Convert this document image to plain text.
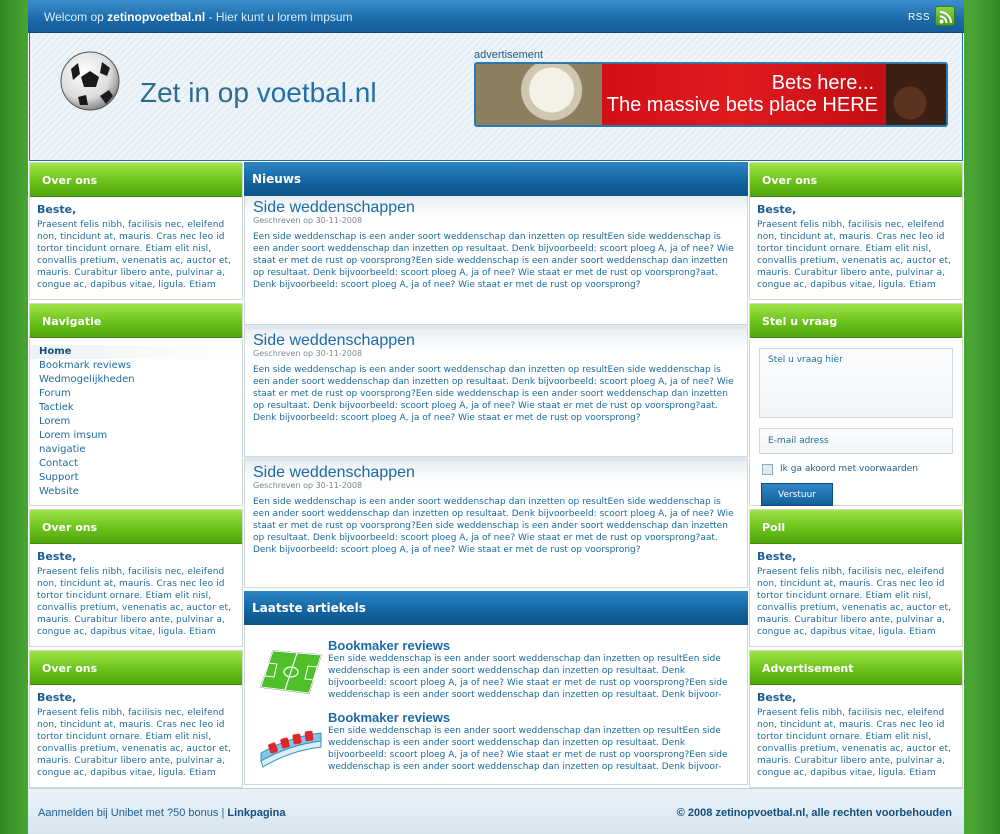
Welcom op zetinopvoetbal.nl - Hier kunt u lorem impsum	RSS
Zet in op voetbal.nl
advertisement
Bets here...
The massive bets place HERE
Over ons
Beste,

Praesent felis nibh, facilisis nec, eleifend non, tincidunt at, mauris. Cras nec leo id tortor tincidunt ornare. Etiam elit nisl, convallis pretium, venenatis ac, auctor et, mauris. Curabitur libero ante, pulvinar a, congue ac, dapibus vitae, ligula. Etiam

Navigatie
Home
Bookmark reviews
Wedmogelijkheden
Forum
Tactiek
Lorem
Lorem imsum
navigatie
Contact
Support
Website
Over ons
Beste,

Praesent felis nibh, facilisis nec, eleifend non, tincidunt at, mauris. Cras nec leo id tortor tincidunt ornare. Etiam elit nisl, convallis pretium, venenatis ac, auctor et, mauris. Curabitur libero ante, pulvinar a, congue ac, dapibus vitae, ligula. Etiam

Over ons
Beste,

Praesent felis nibh, facilisis nec, eleifend non, tincidunt at, mauris. Cras nec leo id tortor tincidunt ornare. Etiam elit nisl, convallis pretium, venenatis ac, auctor et, mauris. Curabitur libero ante, pulvinar a, congue ac, dapibus vitae, ligula. Etiam

Nieuws
Side weddenschappen
Geschreven op 30-11-2008

Een side weddenschap is een ander soort weddenschap dan inzetten op resultEen side weddenschap is een ander soort weddenschap dan inzetten op resultaat. Denk bijvoorbeeld: scoort ploeg A, ja of nee? Wie staat er met de rust op voorsprong?Een side weddenschap is een ander soort weddenschap dan inzetten op resultaat. Denk bijvoorbeeld: scoort ploeg A, ja of nee? Wie staat er met de rust op voorsprong?aat. Denk bijvoorbeeld: scoort ploeg A, ja of nee? Wie staat er met de rust op voorsprong?

Side weddenschappen
Geschreven op 30-11-2008

Een side weddenschap is een ander soort weddenschap dan inzetten op resultEen side weddenschap is een ander soort weddenschap dan inzetten op resultaat. Denk bijvoorbeeld: scoort ploeg A, ja of nee? Wie staat er met de rust op voorsprong?Een side weddenschap is een ander soort weddenschap dan inzetten op resultaat. Denk bijvoorbeeld: scoort ploeg A, ja of nee? Wie staat er met de rust op voorsprong?aat. Denk bijvoorbeeld: scoort ploeg A, ja of nee? Wie staat er met de rust op voorsprong?

Side weddenschappen
Geschreven op 30-11-2008

Een side weddenschap is een ander soort weddenschap dan inzetten op resultEen side weddenschap is een ander soort weddenschap dan inzetten op resultaat. Denk bijvoorbeeld: scoort ploeg A, ja of nee? Wie staat er met de rust op voorsprong?Een side weddenschap is een ander soort weddenschap dan inzetten op resultaat. Denk bijvoorbeeld: scoort ploeg A, ja of nee? Wie staat er met de rust op voorsprong?aat. Denk bijvoorbeeld: scoort ploeg A, ja of nee? Wie staat er met de rust op voorsprong?

Laatste artiekels
Bookmaker reviews

Een side weddenschap is een ander soort weddenschap dan inzetten op resultEen side weddenschap is een ander soort weddenschap dan inzetten op resultaat. Denk bijvoorbeeld: scoort ploeg A, ja of nee? Wie staat er met de rust op voorsprong?Een side weddenschap is een ander soort weddenschap dan inzetten op resultaat. Denk bijvoor-

Bookmaker reviews

Een side weddenschap is een ander soort weddenschap dan inzetten op resultEen side weddenschap is een ander soort weddenschap dan inzetten op resultaat. Denk bijvoorbeeld: scoort ploeg A, ja of nee? Wie staat er met de rust op voorsprong?Een side weddenschap is een ander soort weddenschap dan inzetten op resultaat. Denk bijvoor-

Over ons
Beste,

Praesent felis nibh, facilisis nec, eleifend non, tincidunt at, mauris. Cras nec leo id tortor tincidunt ornare. Etiam elit nisl, convallis pretium, venenatis ac, auctor et, mauris. Curabitur libero ante, pulvinar a, congue ac, dapibus vitae, ligula. Etiam

Stel u vraag
Stel u vraag hier E-mail adress
Ik ga akoord met voorwaarden
Verstuur
Poll
Beste,

Praesent felis nibh, facilisis nec, eleifend non, tincidunt at, mauris. Cras nec leo id tortor tincidunt ornare. Etiam elit nisl, convallis pretium, venenatis ac, auctor et, mauris. Curabitur libero ante, pulvinar a, congue ac, dapibus vitae, ligula. Etiam

Advertisement
Beste,

Praesent felis nibh, facilisis nec, eleifend non, tincidunt at, mauris. Cras nec leo id tortor tincidunt ornare. Etiam elit nisl, convallis pretium, venenatis ac, auctor et, mauris. Curabitur libero ante, pulvinar a, congue ac, dapibus vitae, ligula. Etiam

Aanmelden bij Unibet met ?50 bonus | Linkpagina	© 2008 zetinopvoetbal.nl, alle rechten voorbehouden
